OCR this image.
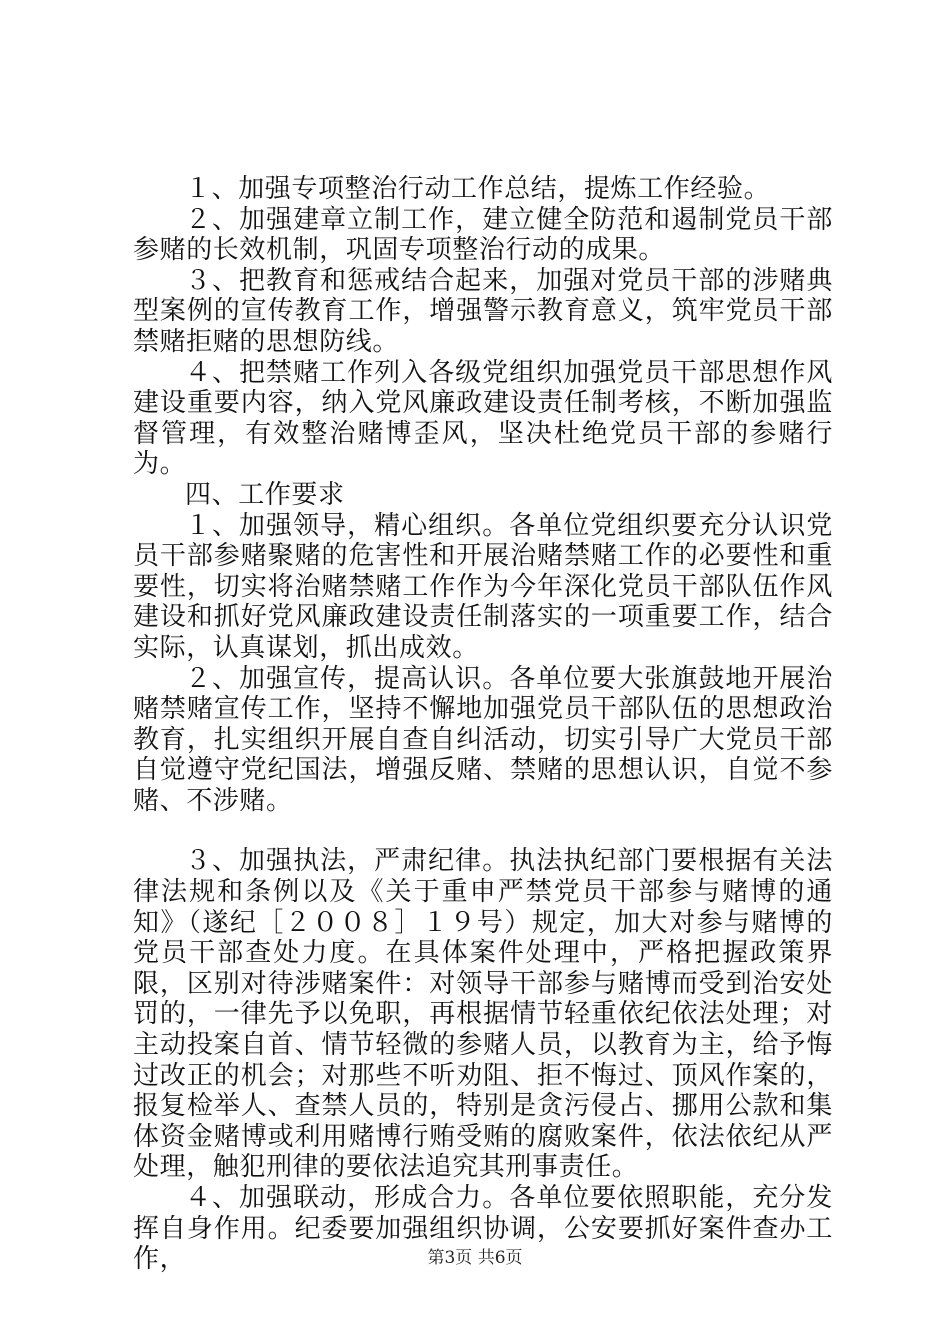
１、加强专项整治行动工作总结，提炼工作经验。

２、加强建章立制工作，建立健全防范和遏制党员干部参赌的长效机制，巩固专项整治行动的成果。

３、把教育和惩戒结合起来，加强对党员干部的涉赌典型案例的宣传教育工作，增强警示教育意义，筑牢党员干部禁赌拒赌的思想防线。

４、把禁赌工作列入各级党组织加强党员干部思想作风建设重要内容，纳入党风廉政建设责任制考核，不断加强监督管理，有效整治赌博歪风，坚决杜绝党员干部的参赌行为。

四、工作要求

１、加强领导，精心组织。各单位党组织要充分认识党员干部参赌聚赌的危害性和开展治赌禁赌工作的必要性和重要性，切实将治赌禁赌工作作为今年深化党员干部队伍作风建设和抓好党风廉政建设责任制落实的一项重要工作，结合实际，认真谋划，抓出成效。

２、加强宣传，提高认识。各单位要大张旗鼓地开展治赌禁赌宣传工作，坚持不懈地加强党员干部队伍的思想政治教育，扎实组织开展自查自纠活动，切实引导广大党员干部自觉遵守党纪国法，增强反赌、禁赌的思想认识，自觉不参赌、不涉赌。

３、加强执法，严肃纪律。执法执纪部门要根据有关法律法规和条例以及《关于重申严禁党员干部参与赌博的通知》（遂纪［２００８］１９号）规定，加大对参与赌博的党员干部查处力度。在具体案件处理中，严格把握政策界限，区别对待涉赌案件：对领导干部参与赌博而受到治安处罚的，一律先予以免职，再根据情节轻重依纪依法处理；对主动投案自首、情节轻微的参赌人员，以教育为主，给予悔过改正的机会；对那些不听劝阻、拒不悔过、顶风作案的，报复检举人、查禁人员的，特别是贪污侵占、挪用公款和集体资金赌博或利用赌博行贿受贿的腐败案件，依法依纪从严处理，触犯刑律的要依法追究其刑事责任。

４、加强联动，形成合力。各单位要依照职能，充分发挥自身作用。纪委要加强组织协调，公安要抓好案件查办工作，	第3页 共6页
